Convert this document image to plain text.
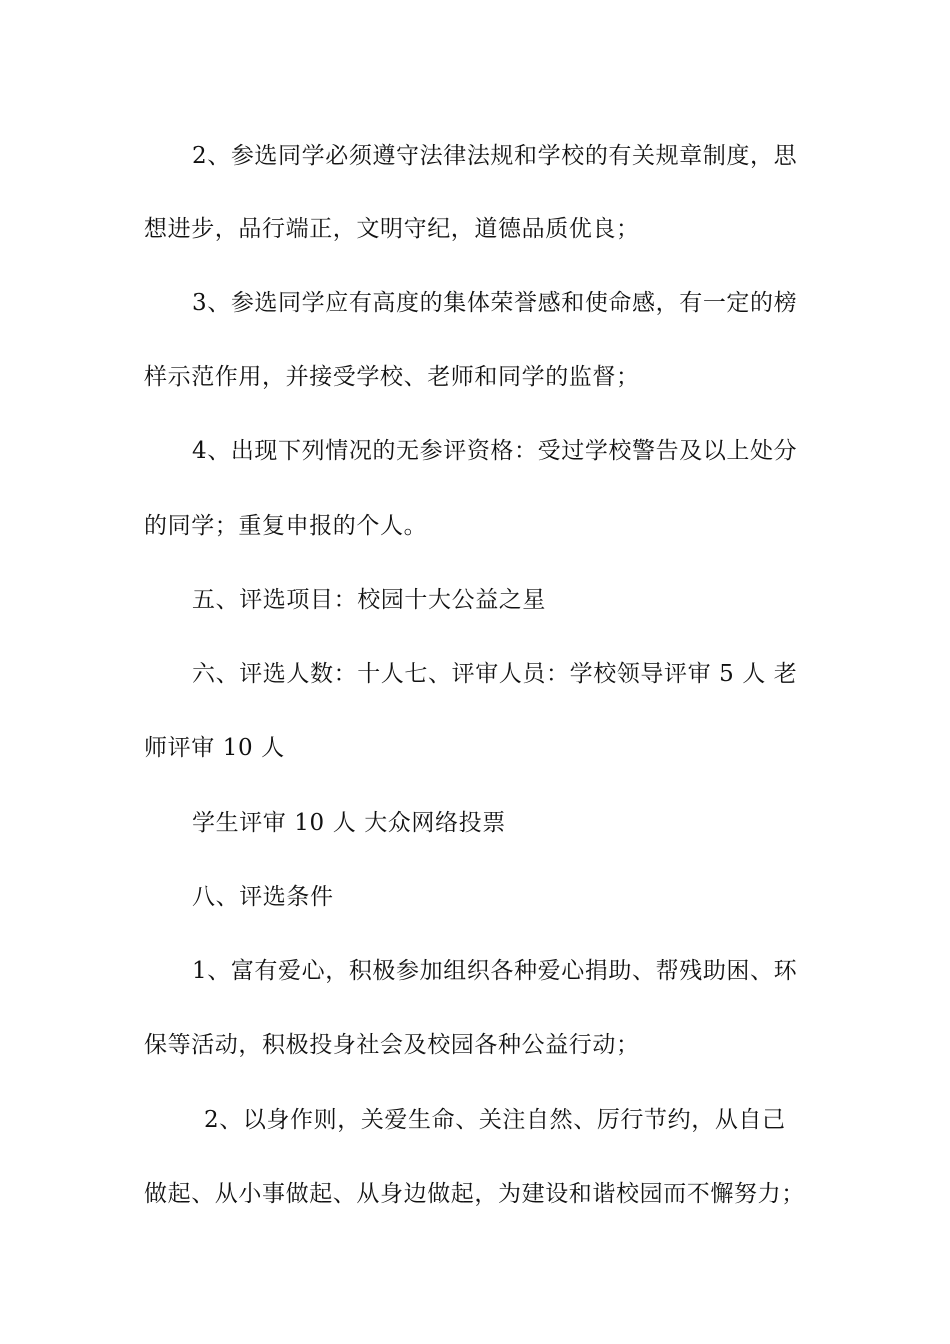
2、参选同学必须遵守法律法规和学校的有关规章制度，思
想进步，品行端正，文明守纪，道德品质优良；
3、参选同学应有高度的集体荣誉感和使命感，有一定的榜
样示范作用，并接受学校、老师和同学的监督；
4、出现下列情况的无参评资格：受过学校警告及以上处分
的同学；重复申报的个人。
五、评选项目：校园十大公益之星
六、评选人数：十人七、评审人员：学校领导评审 5 人 老
师评审 10 人
学生评审 10 人 大众网络投票
八、评选条件
1、富有爱心，积极参加组织各种爱心捐助、帮残助困、环
保等活动，积极投身社会及校园各种公益行动；
2、以身作则，关爱生命、关注自然、厉行节约，从自己
做起、从小事做起、从身边做起，为建设和谐校园而不懈努力；
